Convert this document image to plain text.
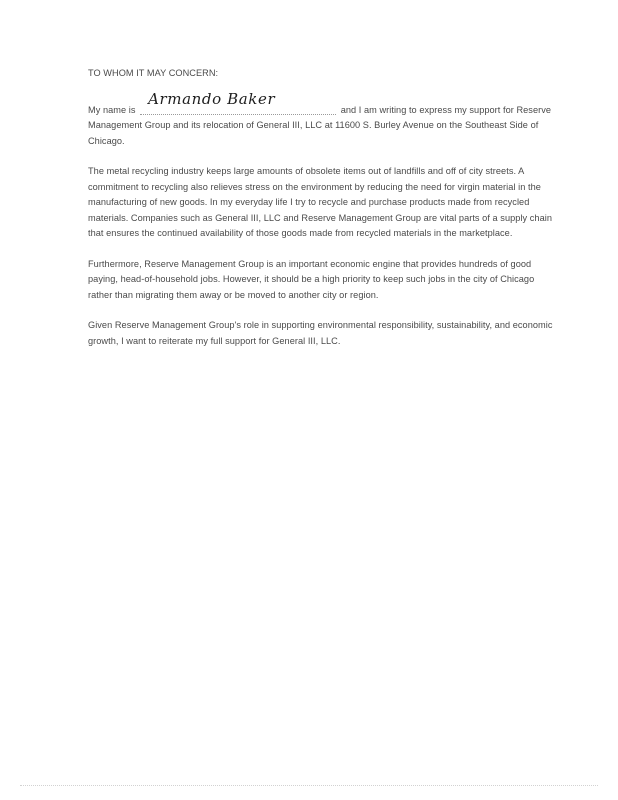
TO WHOM IT MAY CONCERN:

My name is
Armando Baker
and I am writing to express my support for Reserve Management Group and its relocation of General III, LLC at 11600 S. Burley Avenue on the Southeast Side of Chicago.

The metal recycling industry keeps large amounts of obsolete items out of landfills and off of city streets. A commitment to recycling also relieves stress on the environment by reducing the need for virgin material in the manufacturing of new goods. In my everyday life I try to recycle and purchase products made from recycled materials. Companies such as General III, LLC and Reserve Management Group are vital parts of a supply chain that ensures the continued availability of those goods made from recycled materials in the marketplace.

Furthermore, Reserve Management Group is an important economic engine that provides hundreds of good paying, head-of-household jobs. However, it should be a high priority to keep such jobs in the city of Chicago rather than migrating them away or be moved to another city or region.

Given Reserve Management Group's role in supporting environmental responsibility, sustainability, and economic growth, I want to reiterate my full support for General III, LLC.
